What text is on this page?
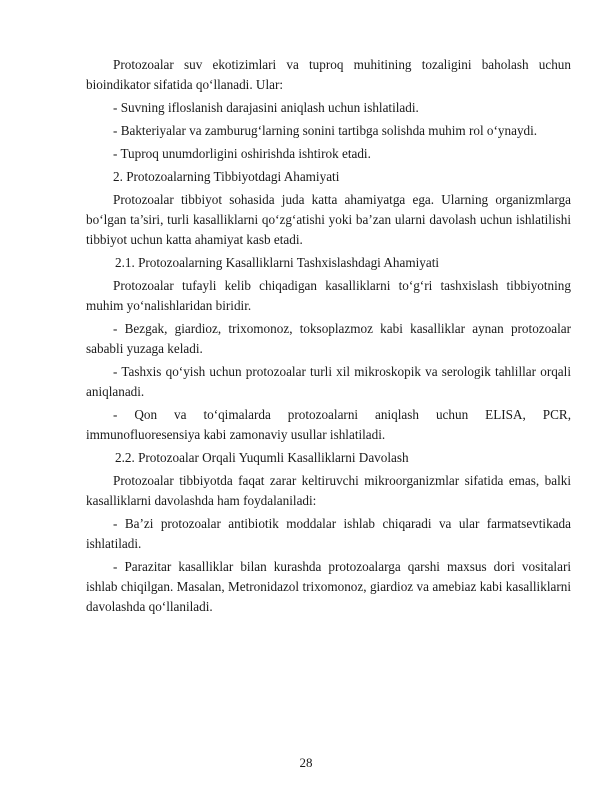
Protozoalar suv ekotizimlari va tuproq muhitining tozaligini baholash uchun bioindikator sifatida qo‘llanadi. Ular:

- Suvning ifloslanish darajasini aniqlash uchun ishlatiladi.

- Bakteriyalar va zamburug‘larning sonini tartibga solishda muhim rol o‘ynaydi.

- Tuproq unumdorligini oshirishda ishtirok etadi.

2. Protozoalarning Tibbiyotdagi Ahamiyati

Protozoalar tibbiyot sohasida juda katta ahamiyatga ega. Ularning organizmlarga bo‘lgan ta’siri, turli kasalliklarni qo‘zg‘atishi yoki ba’zan ularni davolash uchun ishlatilishi tibbiyot uchun katta ahamiyat kasb etadi.

2.1. Protozoalarning Kasalliklarni Tashxislashdagi Ahamiyati

Protozoalar tufayli kelib chiqadigan kasalliklarni to‘g‘ri tashxislash tibbiyotning muhim yo‘nalishlaridan biridir.

- Bezgak, giardioz, trixomonoz, toksoplazmoz kabi kasalliklar aynan protozoalar sababli yuzaga keladi.

- Tashxis qo‘yish uchun protozoalar turli xil mikroskopik va serologik tahlillar orqali aniqlanadi.

- Qon va to‘qimalarda protozoalarni aniqlash uchun ELISA, PCR, immunofluoresensiya kabi zamonaviy usullar ishlatiladi.

2.2. Protozoalar Orqali Yuqumli Kasalliklarni Davolash

Protozoalar tibbiyotda faqat zarar keltiruvchi mikroorganizmlar sifatida emas, balki kasalliklarni davolashda ham foydalaniladi:

- Ba’zi protozoalar antibiotik moddalar ishlab chiqaradi va ular farmatsevtikada ishlatiladi.

- Parazitar kasalliklar bilan kurashda protozoalarga qarshi maxsus dori vositalari ishlab chiqilgan. Masalan, Metronidazol trixomonoz, giardioz va amebiaz kabi kasalliklarni davolashda qo‘llaniladi.

28
